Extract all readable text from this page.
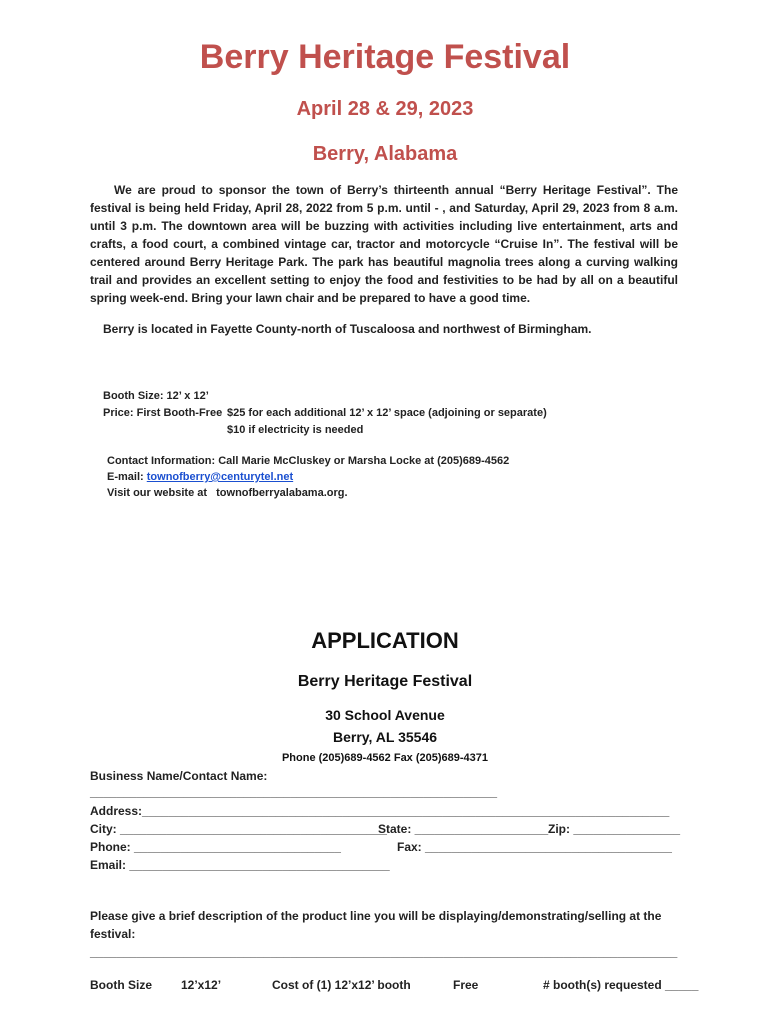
Berry Heritage Festival
April 28 & 29, 2023
Berry, Alabama
We are proud to sponsor the town of Berry’s thirteenth annual “Berry Heritage Festival”. The festival is being held Friday, April 28, 2022 from 5 p.m. until - , and Saturday, April 29, 2023 from 8 a.m. until 3 p.m. The downtown area will be buzzing with activities including live entertainment, arts and crafts, a food court, a combined vintage car, tractor and motorcycle “Cruise In”. The festival will be centered around Berry Heritage Park. The park has beautiful magnolia trees along a curving walking trail and provides an excellent setting to enjoy the food and festivities to be had by all on a beautiful spring week-end. Bring your lawn chair and be prepared to have a good time.
Berry is located in Fayette County-north of Tuscaloosa and northwest of Birmingham.
Booth Size: 12’ x 12’
Price: First Booth-Free $25 for each additional 12’ x 12’ space (adjoining or separate)
$10 if electricity is needed
Contact Information: Call Marie McCluskey or Marsha Locke at (205)689-4562
E-mail: townofberry@centurytel.net
Visit our website at townofberryalabama.org.
APPLICATION
Berry Heritage Festival
30 School Avenue
Berry, AL 35546
Phone (205)689-4562 Fax (205)689-4371
Business Name/Contact Name:
_____________________________________________________________
Address:_______________________________________________________________________________
City: ________________________________________
State: ____________________ Zip: ________________
Phone: _______________________________	Fax: _____________________________________
Email: _______________________________________
Please give a brief description of the product line you will be displaying/demonstrating/selling at the festival:
________________________________________________________________________________________
Booth Size 12’x12’	Cost of (1) 12’x12’ booth	Free	# booth(s) requested _____
